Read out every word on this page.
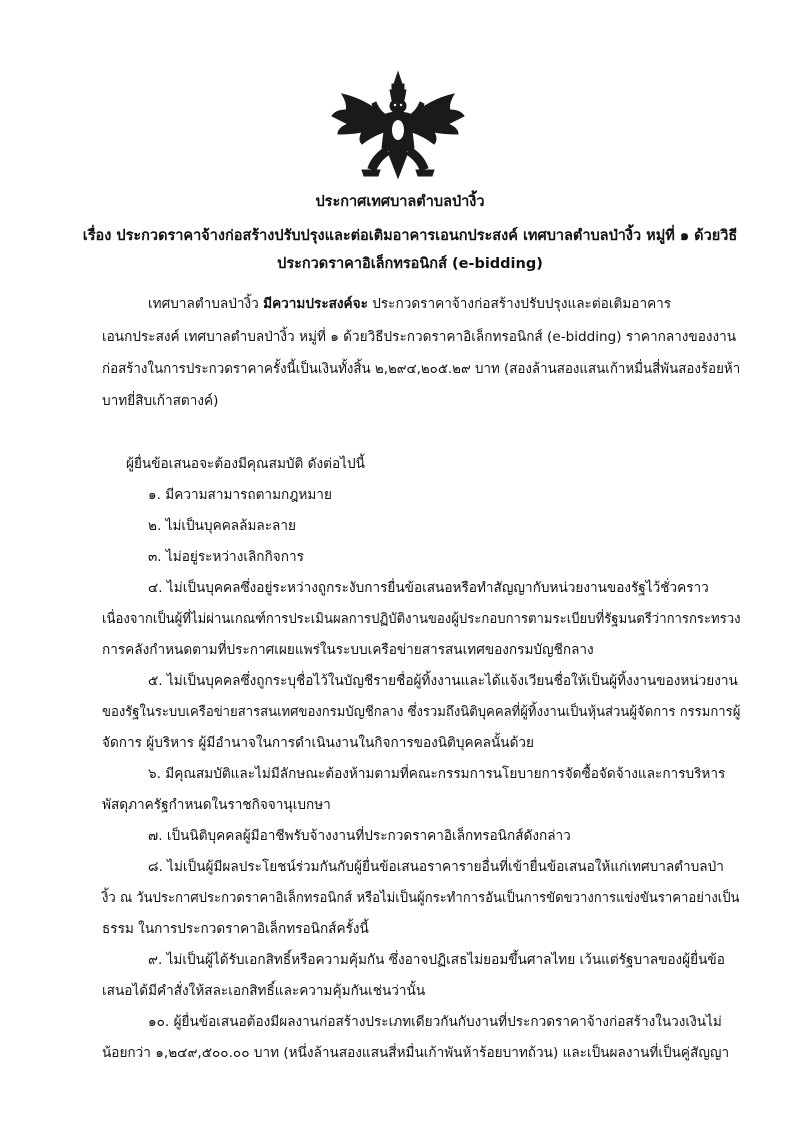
ประกาศเทศบาลตำบลป่างิ้ว
เรื่อง ประกวดราคาจ้างก่อสร้างปรับปรุงและต่อเติมอาคารเอนกประสงค์ เทศบาลตำบลป่างิ้ว หมู่ที่ ๑ ด้วยวิธี
ประกวดราคาอิเล็กทรอนิกส์ (e-bidding)
เทศบาลตำบลป่างิ้ว มีความประสงค์จะ ประกวดราคาจ้างก่อสร้างปรับปรุงและต่อเติมอาคาร
เอนกประสงค์ เทศบาลตำบลป่างิ้ว หมู่ที่ ๑ ด้วยวิธีประกวดราคาอิเล็กทรอนิกส์ (e-bidding) ราคากลางของงาน
ก่อสร้างในการประกวดราคาครั้งนี้เป็นเงินทั้งสิ้น ๒,๒๙๔,๒๐๕.๒๙ บาท (สองล้านสองแสนเก้าหมื่นสี่พันสองร้อยห้า
บาทยี่สิบเก้าสตางค์)
ผู้ยื่นข้อเสนอจะต้องมีคุณสมบัติ ดังต่อไปนี้
๑. มีความสามารถตามกฎหมาย
๒. ไม่เป็นบุคคลล้มละลาย
๓. ไม่อยู่ระหว่างเลิกกิจการ
๔. ไม่เป็นบุคคลซึ่งอยู่ระหว่างถูกระงับการยื่นข้อเสนอหรือทำสัญญากับหน่วยงานของรัฐไว้ชั่วคราว
เนื่องจากเป็นผู้ที่ไม่ผ่านเกณฑ์การประเมินผลการปฏิบัติงานของผู้ประกอบการตามระเบียบที่รัฐมนตรีว่าการกระทรวง
การคลังกำหนดตามที่ประกาศเผยแพร่ในระบบเครือข่ายสารสนเทศของกรมบัญชีกลาง
๕. ไม่เป็นบุคคลซึ่งถูกระบุชื่อไว้ในบัญชีรายชื่อผู้ทิ้งงานและได้แจ้งเวียนชื่อให้เป็นผู้ทิ้งงานของหน่วยงาน
ของรัฐในระบบเครือข่ายสารสนเทศของกรมบัญชีกลาง ซึ่งรวมถึงนิติบุคคลที่ผู้ทิ้งงานเป็นหุ้นส่วนผู้จัดการ กรรมการผู้
จัดการ ผู้บริหาร ผู้มีอำนาจในการดำเนินงานในกิจการของนิติบุคคลนั้นด้วย
๖. มีคุณสมบัติและไม่มีลักษณะต้องห้ามตามที่คณะกรรมการนโยบายการจัดซื้อจัดจ้างและการบริหาร
พัสดุภาครัฐกำหนดในราชกิจจานุเบกษา
๗. เป็นนิติบุคคลผู้มีอาชีพรับจ้างงานที่ประกวดราคาอิเล็กทรอนิกส์ดังกล่าว
๘. ไม่เป็นผู้มีผลประโยชน์ร่วมกันกับผู้ยื่นข้อเสนอราคารายอื่นที่เข้ายื่นข้อเสนอให้แก่เทศบาลตำบลป่า
งิ้ว ณ วันประกาศประกวดราคาอิเล็กทรอนิกส์ หรือไม่เป็นผู้กระทำการอันเป็นการขัดขวางการแข่งขันราคาอย่างเป็น
ธรรม ในการประกวดราคาอิเล็กทรอนิกส์ครั้งนี้
๙. ไม่เป็นผู้ได้รับเอกสิทธิ์หรือความคุ้มกัน ซึ่งอาจปฏิเสธไม่ยอมขึ้นศาลไทย เว้นแต่รัฐบาลของผู้ยื่นข้อ
เสนอได้มีคำสั่งให้สละเอกสิทธิ์และความคุ้มกันเช่นว่านั้น
๑๐. ผู้ยื่นข้อเสนอต้องมีผลงานก่อสร้างประเภทเดียวกันกับงานที่ประกวดราคาจ้างก่อสร้างในวงเงินไม่
น้อยกว่า ๑,๒๔๙,๕๐๐.๐๐ บาท (หนึ่งล้านสองแสนสี่หมื่นเก้าพันห้าร้อยบาทถ้วน) และเป็นผลงานที่เป็นคู่สัญญา
